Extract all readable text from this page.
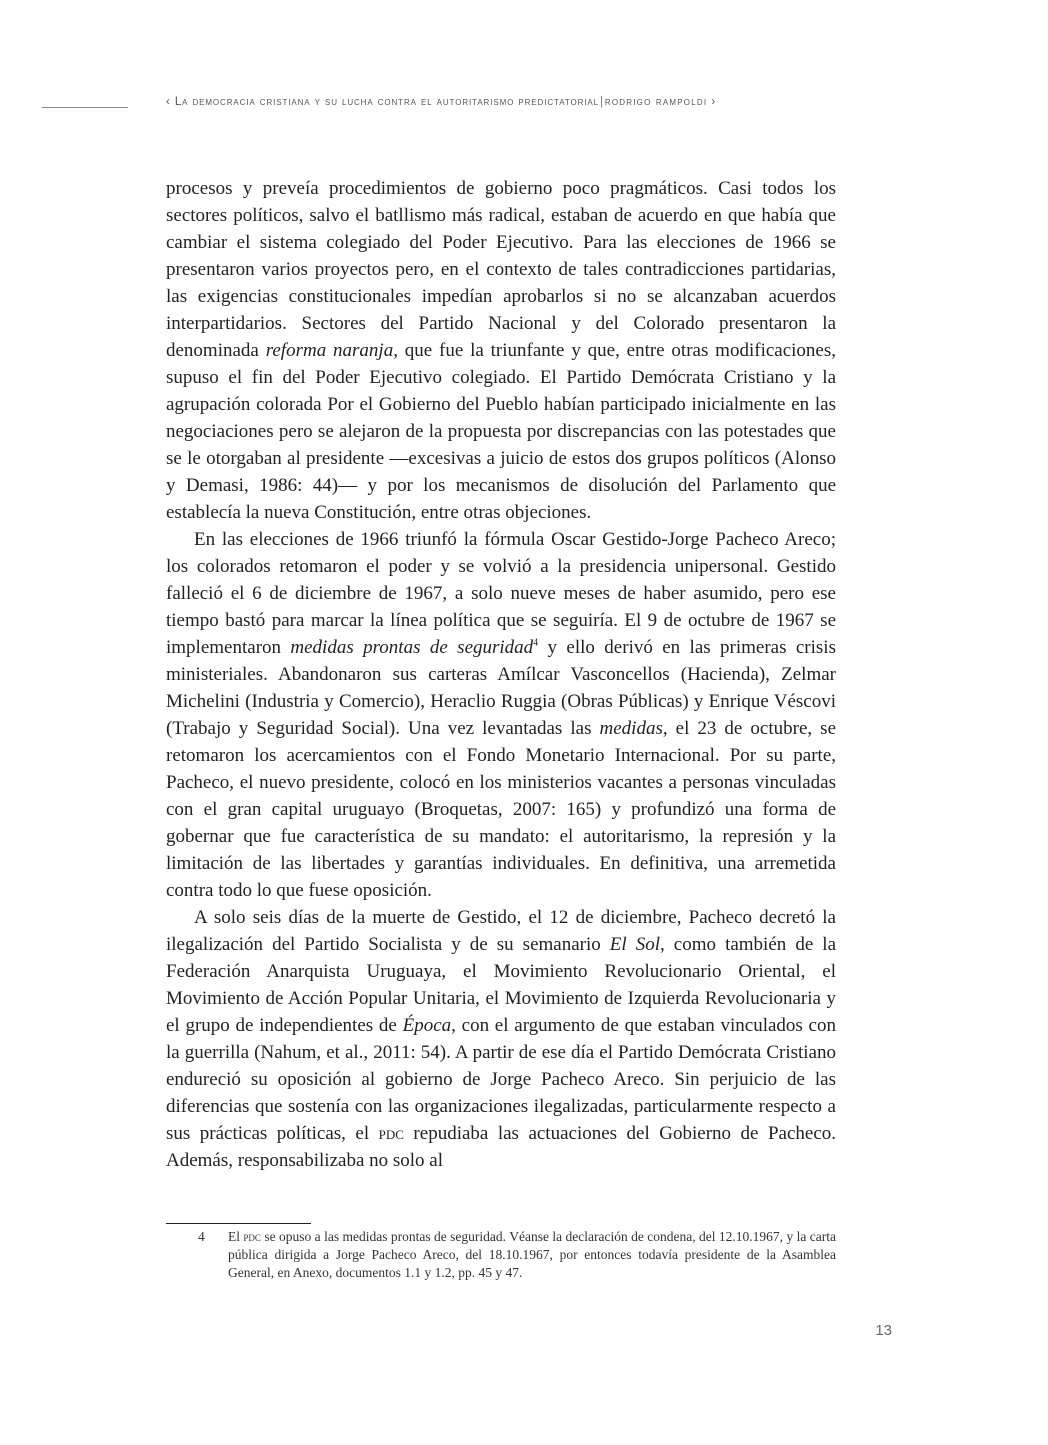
‹ La democracia cristiana y su lucha contra el autoritarismo predictatorial|rodrigo rampoldi ›

procesos y preveía procedimientos de gobierno poco pragmáticos. Casi todos los sectores políticos, salvo el batllismo más radical, estaban de acuerdo en que había que cambiar el sistema colegiado del Poder Ejecutivo. Para las elecciones de 1966 se presentaron varios proyectos pero, en el contexto de tales contradicciones partidarias, las exigencias constitucionales impedían aprobarlos si no se alcanzaban acuerdos interpartidarios. Sectores del Partido Nacional y del Colorado presentaron la denominada reforma naranja, que fue la triunfante y que, entre otras modificaciones, supuso el fin del Poder Ejecutivo colegiado. El Partido Demócrata Cristiano y la agrupación colorada Por el Gobierno del Pueblo habían participado inicialmente en las negociaciones pero se alejaron de la propuesta por discrepancias con las potestades que se le otorgaban al presidente —excesivas a juicio de estos dos grupos políticos (Alonso y Demasi, 1986: 44)— y por los mecanismos de disolución del Parlamento que establecía la nueva Constitución, entre otras objeciones.

En las elecciones de 1966 triunfó la fórmula Oscar Gestido-Jorge Pacheco Areco; los colorados retomaron el poder y se volvió a la presidencia unipersonal. Gestido falleció el 6 de diciembre de 1967, a solo nueve meses de haber asumido, pero ese tiempo bastó para marcar la línea política que se seguiría. El 9 de octubre de 1967 se implementaron medidas prontas de seguridad$^4$ y ello derivó en las primeras crisis ministeriales. Abandonaron sus carteras Amílcar Vasconcellos (Hacienda), Zelmar Michelini (Industria y Comercio), Heraclio Ruggia (Obras Públicas) y Enrique Véscovi (Trabajo y Seguridad Social). Una vez levantadas las medidas, el 23 de octubre, se retomaron los acercamientos con el Fondo Monetario Internacional. Por su parte, Pacheco, el nuevo presidente, colocó en los ministerios vacantes a personas vinculadas con el gran capital uruguayo (Broquetas, 2007: 165) y profundizó una forma de gobernar que fue característica de su mandato: el autoritarismo, la represión y la limitación de las libertades y garantías individuales. En definitiva, una arremetida contra todo lo que fuese oposición.

A solo seis días de la muerte de Gestido, el 12 de diciembre, Pacheco decretó la ilegalización del Partido Socialista y de su semanario El Sol, como también de la Federación Anarquista Uruguaya, el Movimiento Revolucionario Oriental, el Movimiento de Acción Popular Unitaria, el Movimiento de Izquierda Revolucionaria y el grupo de independientes de Época, con el argumento de que estaban vinculados con la guerrilla (Nahum, et al., 2011: 54). A partir de ese día el Partido Demócrata Cristiano endureció su oposición al gobierno de Jorge Pacheco Areco. Sin perjuicio de las diferencias que sostenía con las organizaciones ilegalizadas, particularmente respecto a sus prácticas políticas, el pdc repudiaba las actuaciones del Gobierno de Pacheco. Además, responsabilizaba no solo al

4 El pdc se opuso a las medidas prontas de seguridad. Véanse la declaración de condena, del 12.10.1967, y la carta pública dirigida a Jorge Pacheco Areco, del 18.10.1967, por entonces todavía presidente de la Asamblea General, en Anexo, documentos 1.1 y 1.2, pp. 45 y 47.
13
